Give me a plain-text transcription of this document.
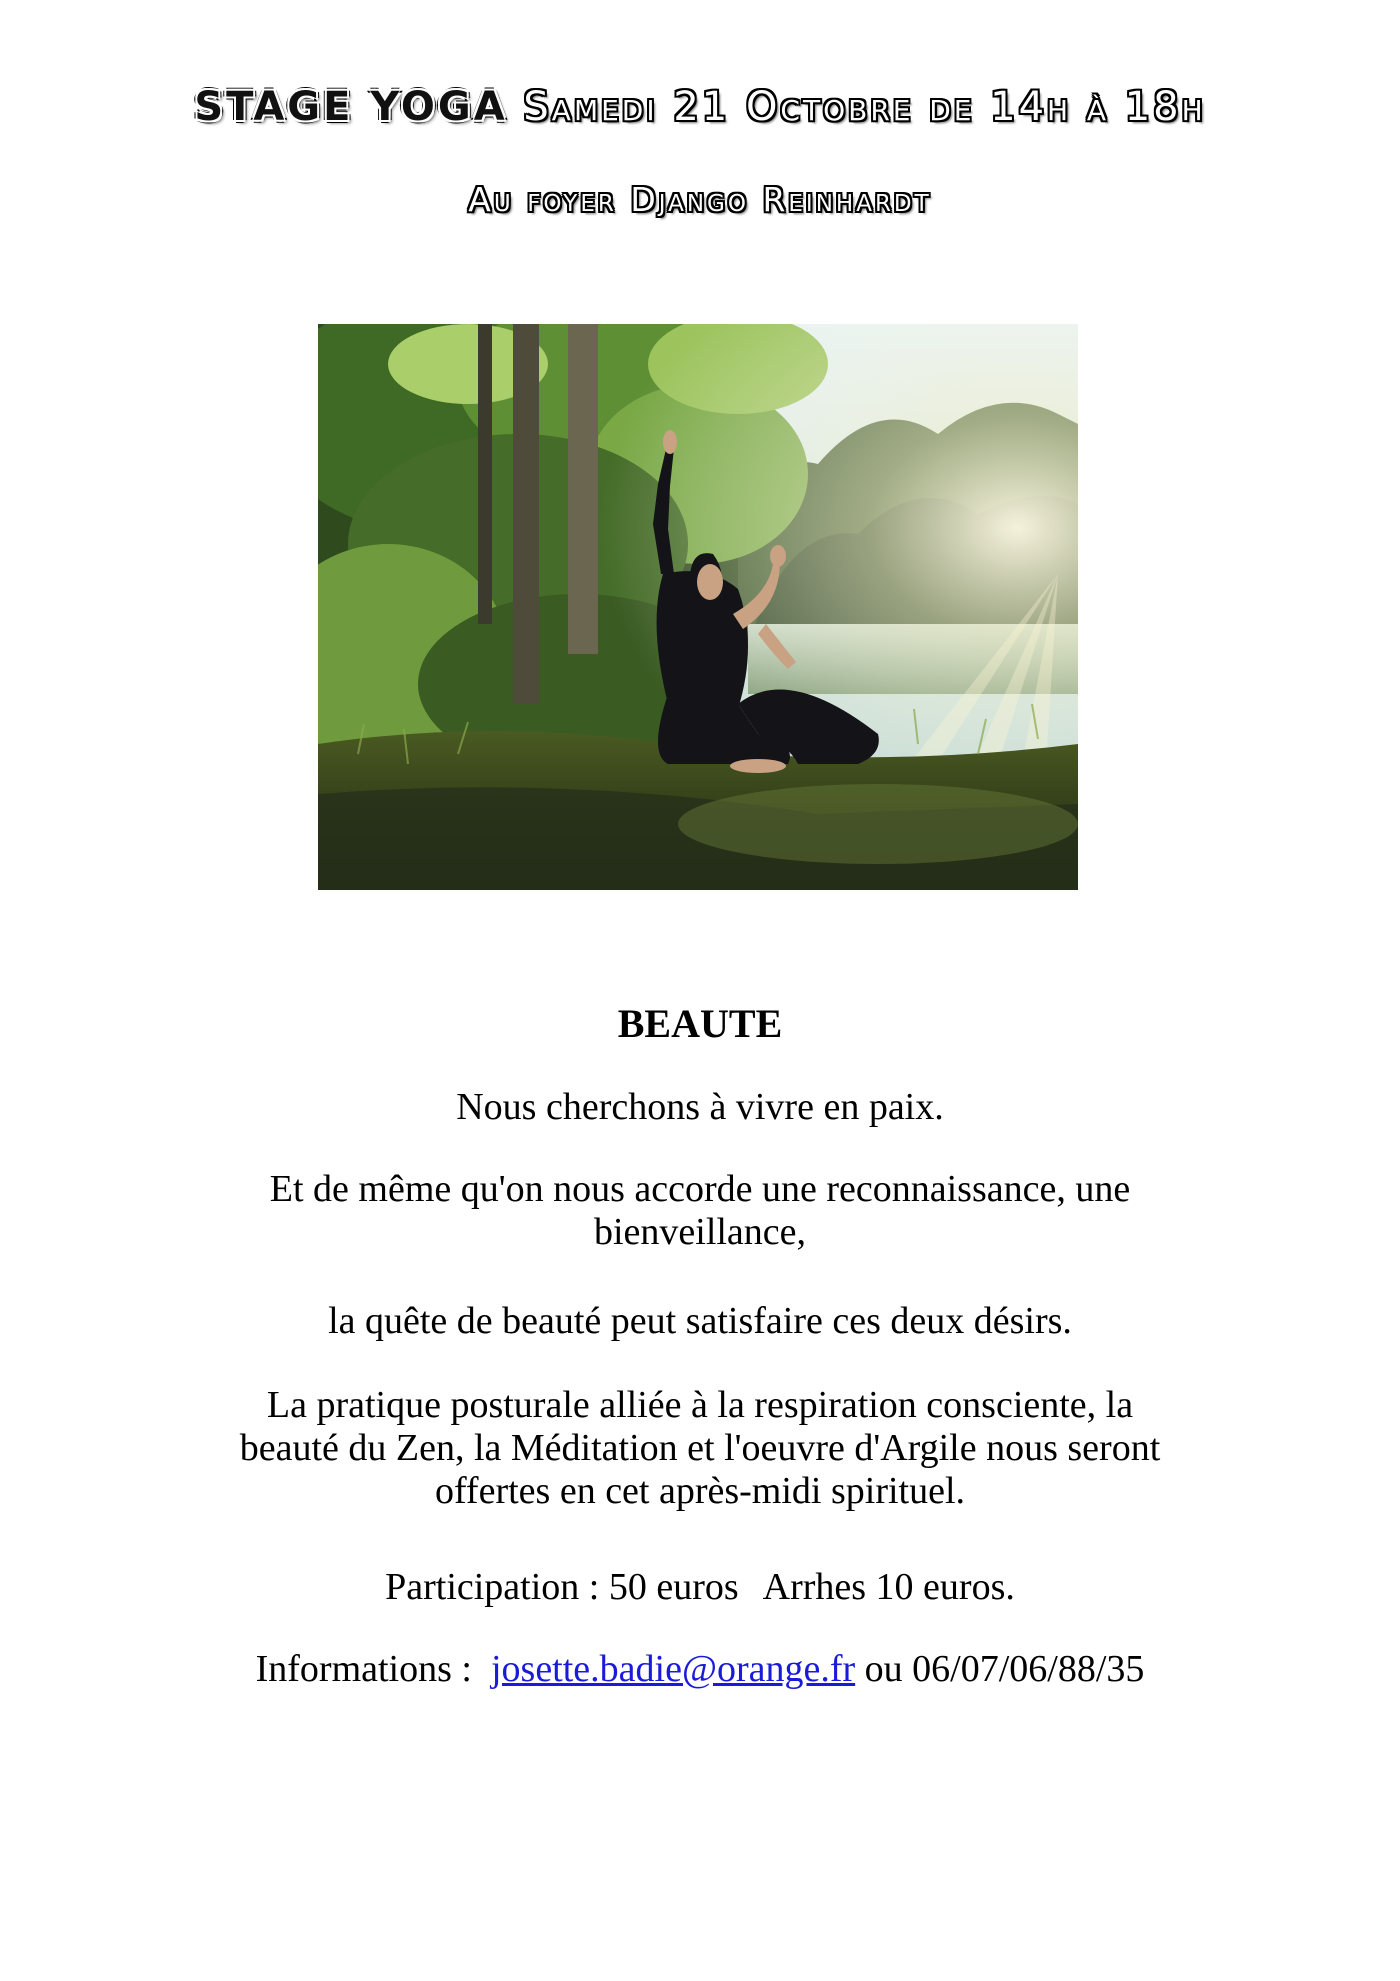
STAGE YOGA Samedi 21 Octobre de 14h à 18h
Au foyer Django Reinhardt
BEAUTE
Nous cherchons à vivre en paix.
Et de même qu'on nous accorde une reconnaissance, une
bienveillance,
la quête de beauté peut satisfaire ces deux désirs.
La pratique posturale alliée à la respiration consciente, la
beauté du Zen, la Méditation et l'oeuvre d'Argile nous seront
offertes en cet après-midi spirituel.
Participation : 50 euros Arrhes 10 euros.
Informations : josette.badie@orange.fr ou 06/07/06/88/35
